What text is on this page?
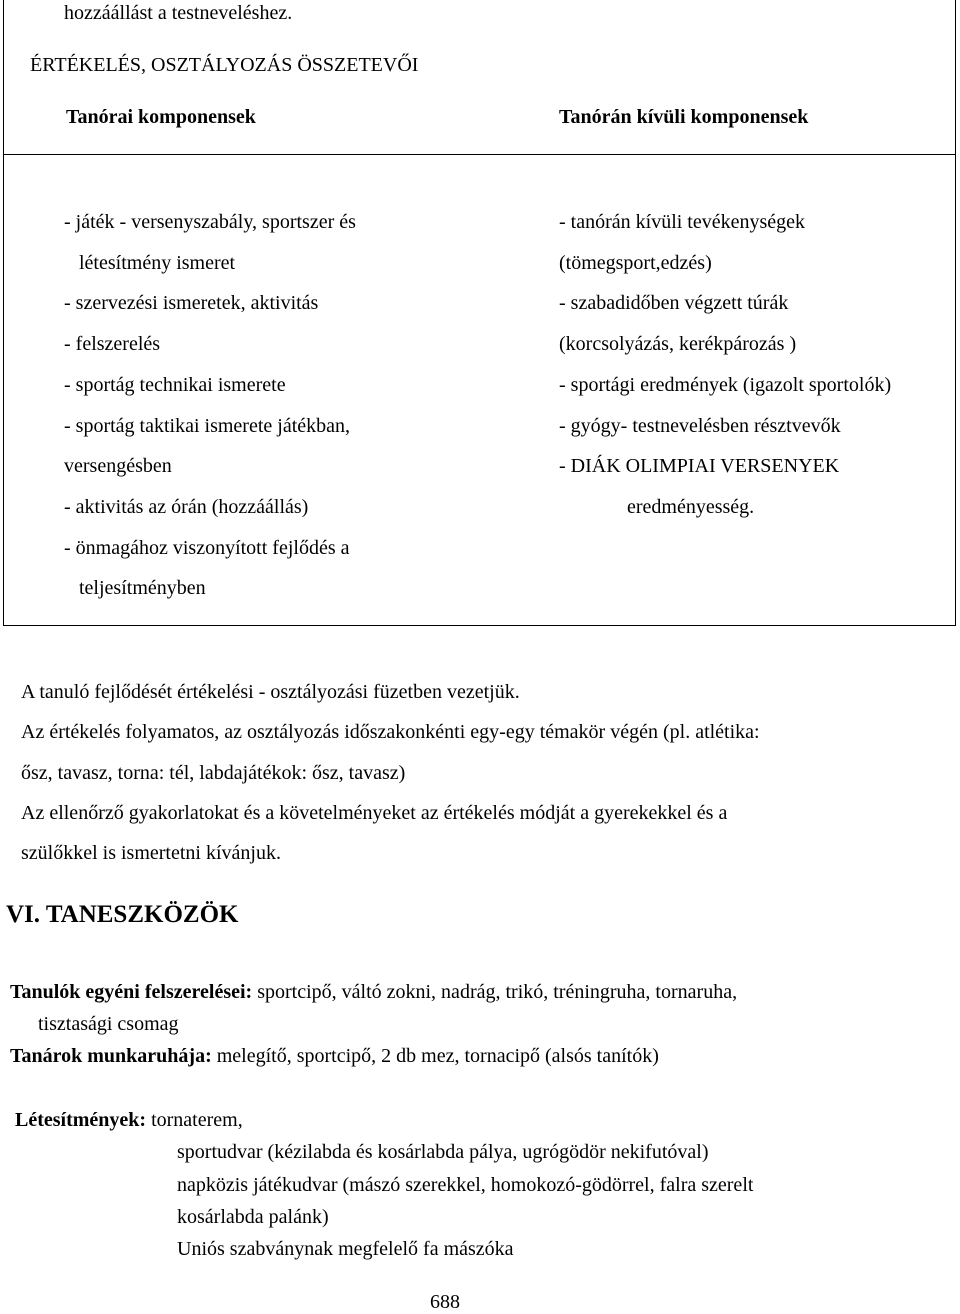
hozzáállást a testneveléshez.
ÉRTÉKELÉS, OSZTÁLYOZÁS ÖSSZETEVŐI
Tanórai komponensek	Tanórán kívüli komponensek
- játék - versenyszabály, sportszer és
létesítmény ismeret
- szervezési ismeretek, aktivitás
- felszerelés
- sportág technikai ismerete
- sportág taktikai ismerete játékban,
versengésben
- aktivitás az órán (hozzáállás)
- önmagához viszonyított fejlődés a
teljesítményben
- tanórán kívüli tevékenységek
(tömegsport,edzés)
- szabadidőben végzett túrák
(korcsolyázás, kerékpározás )
- sportági eredmények (igazolt sportolók)
- gyógy- testnevelésben résztvevők
- DIÁK OLIMPIAI VERSENYEK
eredményesség.
A tanuló fejlődését értékelési - osztályozási füzetben vezetjük.
Az értékelés folyamatos, az osztályozás időszakonkénti egy-egy témakör végén (pl. atlétika:
ősz, tavasz, torna: tél, labdajátékok: ősz, tavasz)
Az ellenőrző gyakorlatokat és a követelményeket az értékelés módját a gyerekekkel és a
szülőkkel is ismertetni kívánjuk.
VI. TANESZKÖZÖK
Tanulók egyéni felszerelései: sportcipő, váltó zokni, nadrág, trikó, tréningruha, tornaruha,
tisztasági csomag
Tanárok munkaruhája: melegítő, sportcipő, 2 db mez, tornacipő (alsós tanítók)
Létesítmények: tornaterem,
sportudvar (kézilabda és kosárlabda pálya, ugrógödör nekifutóval)
napközis játékudvar (mászó szerekkel, homokozó-gödörrel, falra szerelt
kosárlabda palánk)
Uniós szabványnak megfelelő fa mászóka
688
